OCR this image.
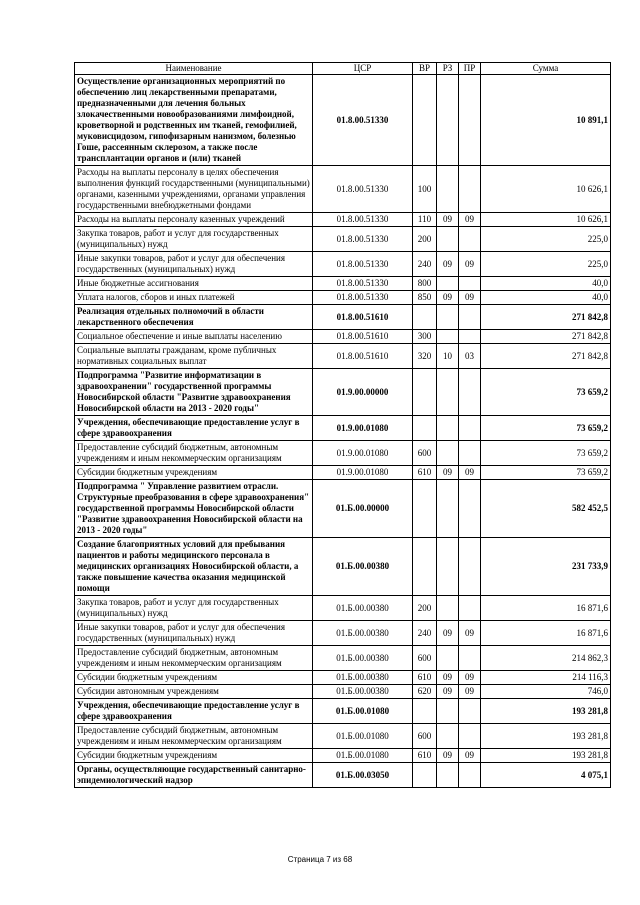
Наименование	ЦСР	ВР	РЗ	ПР	Сумма
Осуществление организационных мероприятий по обеспечению лиц лекарственными препаратами, предназначенными для лечения больных злокачественными новообразованиями лимфоидной, кроветворной и родственных им тканей, гемофилией, муковисцидозом, гипофизарным нанизмом, болезнью Гоше, рассеянным склерозом, а также после трансплантации органов и (или) тканей	01.8.00.51330				10 891,1
Расходы на выплаты персоналу в целях обеспечения выполнения функций государственными (муниципальными) органами, казенными учреждениями, органами управления государственными внебюджетными фондами	01.8.00.51330	100			10 626,1
Расходы на выплаты персоналу казенных учреждений	01.8.00.51330	110	09	09	10 626,1
Закупка товаров, работ и услуг для государственных (муниципальных) нужд	01.8.00.51330	200			225,0
Иные закупки товаров, работ и услуг для обеспечения государственных (муниципальных) нужд	01.8.00.51330	240	09	09	225,0
Иные бюджетные ассигнования	01.8.00.51330	800			40,0
Уплата налогов, сборов и иных платежей	01.8.00.51330	850	09	09	40,0
Реализация отдельных полномочий в области лекарственного обеспечения	01.8.00.51610				271 842,8
Социальное обеспечение и иные выплаты населению	01.8.00.51610	300			271 842,8
Социальные выплаты гражданам, кроме публичных нормативных социальных выплат	01.8.00.51610	320	10	03	271 842,8
Подпрограмма "Развитие информатизации в здравоохранении" государственной программы Новосибирской области "Развитие здравоохранения Новосибирской области на 2013 - 2020 годы"	01.9.00.00000				73 659,2
Учреждения, обеспечивающие предоставление услуг в сфере здравоохранения	01.9.00.01080				73 659,2
Предоставление субсидий бюджетным, автономным учреждениям и иным некоммерческим организациям	01.9.00.01080	600			73 659,2
Субсидии бюджетным учреждениям	01.9.00.01080	610	09	09	73 659,2
Подпрограмма " Управление развитием отрасли. Структурные преобразования в сфере здравоохранения" государственной программы Новосибирской области "Развитие здравоохранения Новосибирской области на 2013 - 2020 годы"	01.Б.00.00000				582 452,5
Создание благоприятных условий для пребывания пациентов и работы медицинского персонала в медицинских организациях Новосибирской области, а также повышение качества оказания медицинской помощи	01.Б.00.00380				231 733,9
Закупка товаров, работ и услуг для государственных (муниципальных) нужд	01.Б.00.00380	200			16 871,6
Иные закупки товаров, работ и услуг для обеспечения государственных (муниципальных) нужд	01.Б.00.00380	240	09	09	16 871,6
Предоставление субсидий бюджетным, автономным учреждениям и иным некоммерческим организациям	01.Б.00.00380	600			214 862,3
Субсидии бюджетным учреждениям	01.Б.00.00380	610	09	09	214 116,3
Субсидии автономным учреждениям	01.Б.00.00380	620	09	09	746,0
Учреждения, обеспечивающие предоставление услуг в сфере здравоохранения	01.Б.00.01080				193 281,8
Предоставление субсидий бюджетным, автономным учреждениям и иным некоммерческим организациям	01.Б.00.01080	600			193 281,8
Субсидии бюджетным учреждениям	01.Б.00.01080	610	09	09	193 281,8
Органы, осуществляющие государственный санитарно-эпидемиологический надзор	01.Б.00.03050				4 075,1
Страница 7 из 68
